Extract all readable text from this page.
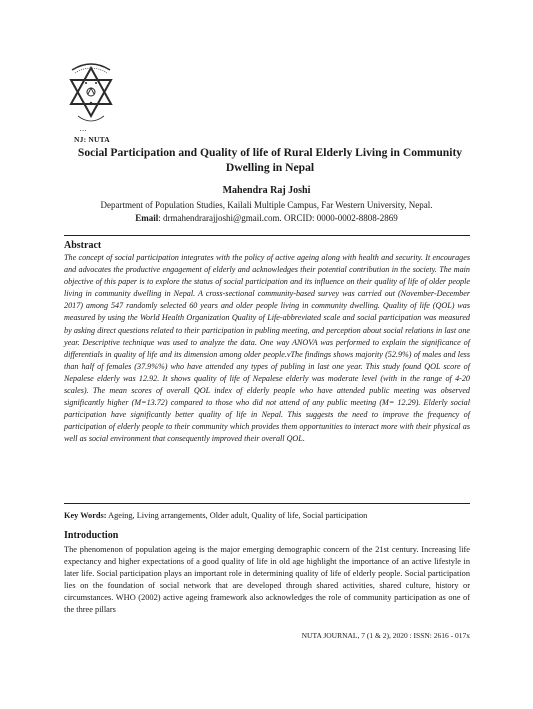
• • •
NJ: NUTA
Social Participation and Quality of life of Rural Elderly Living in Community Dwelling in Nepal
Mahendra Raj Joshi
Department of Population Studies, Kailali Multiple Campus, Far Western University, Nepal.
Email: drmahendrarajjoshi@gmail.com. ORCID: 0000-0002-8808-2869
Abstract
The concept of social participation integrates with the policy of active ageing along with health and security. It encourages and advocates the productive engagement of elderly and acknowledges their potential contribution in the society. The main objective of this paper is to explore the status of social participation and its influence on their quality of life of older people living in community dwelling in Nepal. A cross-sectional community-based survey was carried out (November-December 2017) among 547 randomly selected 60 years and older people living in community dwelling. Quality of life (QOL) was measured by using the World Health Organization Quality of Life-abbreviated scale and social participation was measured by asking direct questions related to their participation in publing meeting, and perception about social relations in last one year. Descriptive technique was used to analyze the data. One way ANOVA was performed to explain the significance of differentials in quality of life and its dimension among older people.vThe findings shows majority (52.9%) of males and less than half of females (37.9%%) who have attended any types of publing in last one year. This study found QOL score of Nepalese elderly was 12.92. It shows quality of life of Nepalese elderly was moderate level (with in the range of 4-20 scales). The mean scores of overall QOL index of elderly people who have attended public meeting was observed significantly higher (M=13.72) compared to those who did not attend of any public meeting (M= 12.29). Elderly social participation have significantly better quality of life in Nepal. This suggests the need to improve the frequency of participation of elderly people to their community which provides them opportunities to interact more with their physical as well as social environment that consequently improved their overall QOL.
Key Words: Ageing, Living arrangements, Older adult, Quality of life, Social participation
Introduction
The phenomenon of population ageing is the major emerging demographic concern of the 21st century. Increasing life expectancy and higher expectations of a good quality of life in old age highlight the importance of an active lifestyle in later life. Social participation plays an important role in determining quality of life of elderly people. Social participation lies on the foundation of social network that are developed through shared activities, shared culture, history or circumstances. WHO (2002) active ageing framework also acknowledges the role of community participation as one of the three pillars
NUTA JOURNAL, 7 (1 & 2), 2020 : ISSN: 2616 - 017x
